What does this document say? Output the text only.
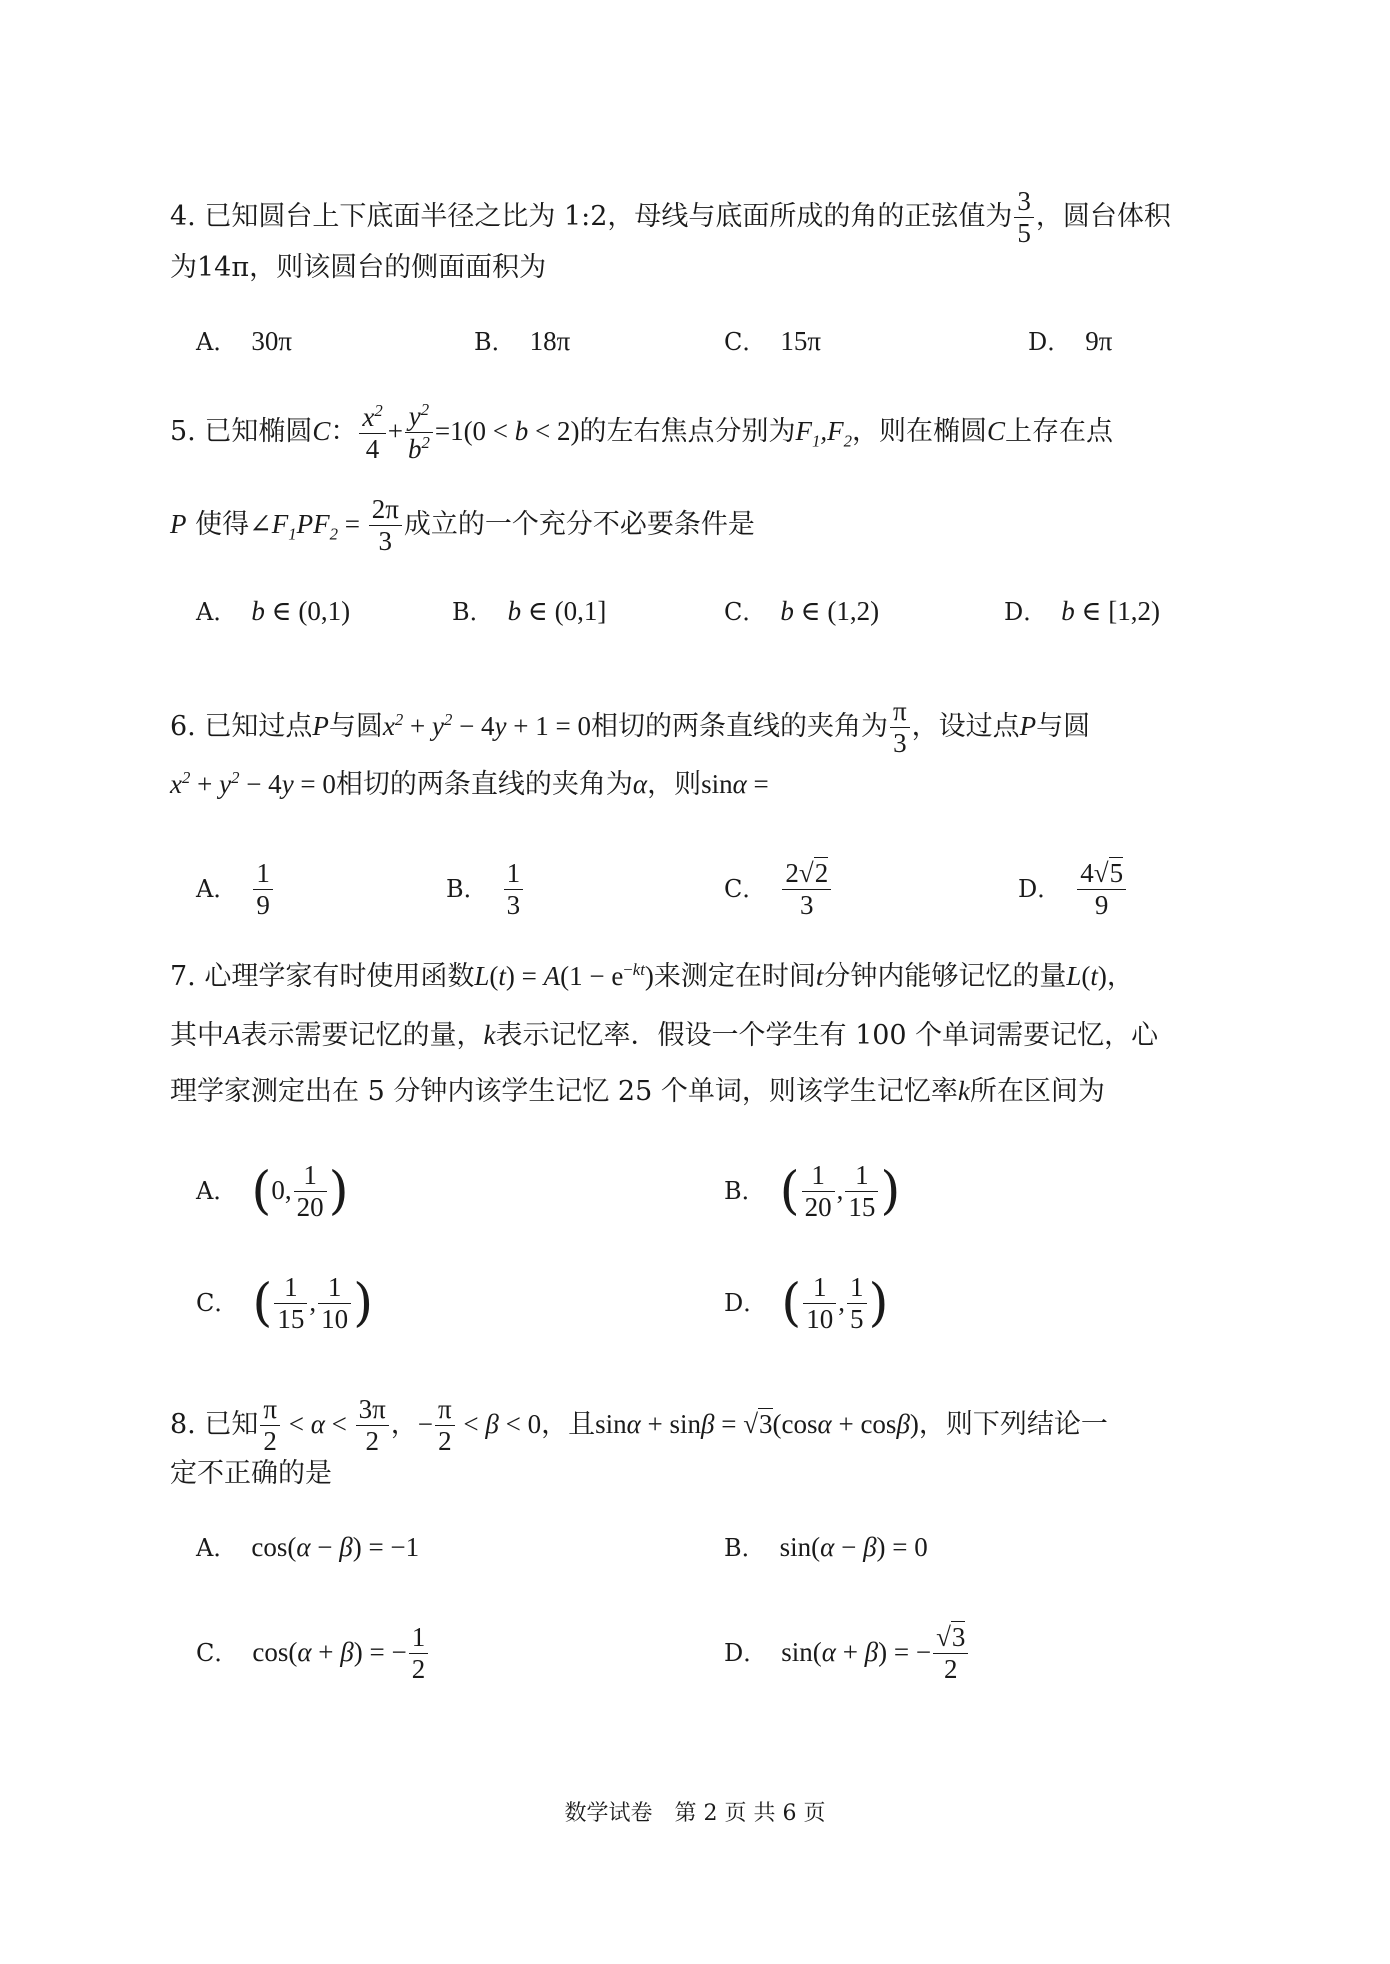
4. 已知圆台上下底面半径之比为 1:2，母线与底面所成的角的正弦值为 $\frac{3}{5}$ ，圆台体积
为14π，则该圆台的侧面面积为
A． 30π	B． 18π	C． 15π	D． 9π
5. 已知椭圆C： $\frac{x^2}{4} + \frac{y^2}{b^2} =1(0 < b < 2)$的左右焦点分别为$F_1,F_2$，则在椭圆C上存在点
P 使得$\angle F_1PF_2 = \frac{2\pi}{3}$ 成立的一个充分不必要条件是
A． b ∈ (0,1)	B． b ∈ (0,1]	C． b ∈ (1,2)	D． b ∈ [1,2)
6. 已知过点P与圆$x^2 + y^2 - 4y + 1 = 0$相切的两条直线的夹角为 $\frac{\pi}{3}$ ，设过点P与圆
$x^2 + y^2 - 4y = 0$相切的两条直线的夹角为α，则sinα =
A． $\frac{1}{9}$	B． $\frac{1}{3}$	C． $\frac{2√2}{3}$	D． $\frac{4√5}{9}$
7. 心理学家有时使用函数$L(t) = A(1 - e^{-kt})$来测定在时间t分钟内能够记忆的量L(t)，
其中A表示需要记忆的量，k表示记忆率．假设一个学生有 100 个单词需要记忆，心
理学家测定出在 5 分钟内该学生记忆 25 个单词，则该学生记忆率k所在区间为
A． (0, $\frac{1}{20}$ )	B． ( $\frac{1}{20}$ , $\frac{1}{15}$ )
C． ( $\frac{1}{15}$ , $\frac{1}{10}$ )	D． ( $\frac{1}{10}$ , $\frac{1}{5}$ )
8. 已知 $\frac{\pi}{2} < \alpha < \frac{3\pi}{2}$ ，− $\frac{\pi}{2} < \beta < 0$，且sinα + sinβ = √3(cosα + cosβ)，则下列结论一
定不正确的是
A． cos(α − β) = −1	B． sin(α − β) = 0
C． cos(α + β) = − $\frac{1}{2}$	D． sin(α + β) = − $\frac{√3}{2}$
数学试卷　第 2 页 共 6 页
